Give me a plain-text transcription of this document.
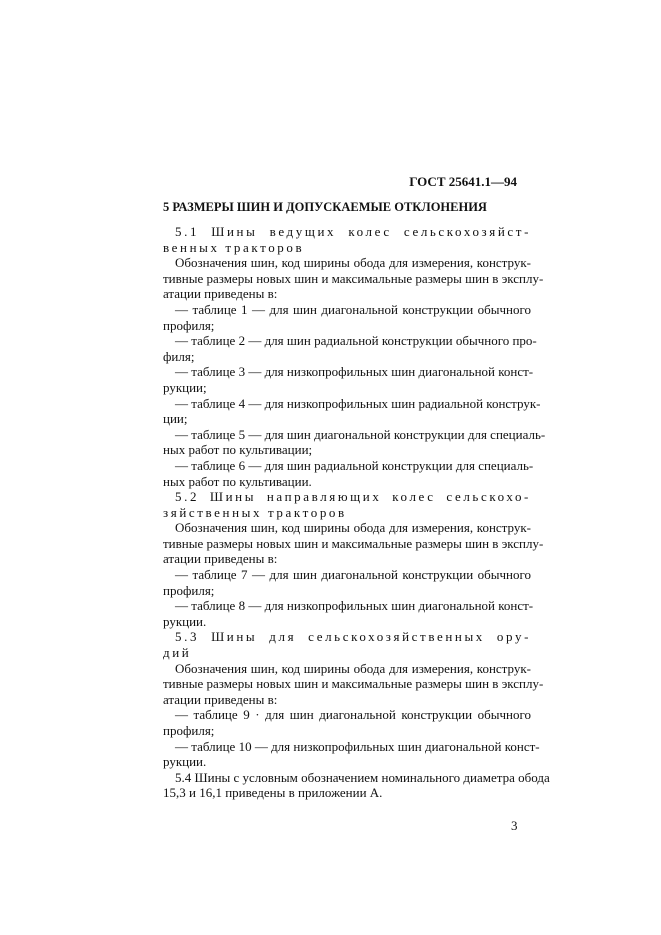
ГОСТ 25641.1—94
5 РАЗМЕРЫ ШИН И ДОПУСКАЕМЫЕ ОТКЛОНЕНИЯ
5.1 Шины ведущих колес сельскохозяйст-
венных тракторов
Обозначения шин, код ширины обода для измерения, конструк-
тивные размеры новых шин и максимальные размеры шин в эксплу-
атации приведены в:
— таблице 1 — для шин диагональной конструкции обычного
профиля;
— таблице 2 — для шин радиальной конструкции обычного про-
филя;
— таблице 3 — для низкопрофильных шин диагональной конст-
рукции;
— таблице 4 — для низкопрофильных шин радиальной конструк-
ции;
— таблице 5 — для шин диагональной конструкции для специаль-
ных работ по культивации;
— таблице 6 — для шин радиальной конструкции для специаль-
ных работ по культивации.
5.2 Шины направляющих колес сельскохо-
зяйственных тракторов
Обозначения шин, код ширины обода для измерения, конструк-
тивные размеры новых шин и максимальные размеры шин в эксплу-
атации приведены в:
— таблице 7 — для шин диагональной конструкции обычного
профиля;
— таблице 8 — для низкопрофильных шин диагональной конст-
рукции.
5.3 Шины для сельскохозяйственных ору-
дий
Обозначения шин, код ширины обода для измерения, конструк-
тивные размеры новых шин и максимальные размеры шин в эксплу-
атации приведены в:
— таблице 9 · для шин диагональной конструкции обычного
профиля;
— таблице 10 — для низкопрофильных шин диагональной конст-
рукции.
5.4 Шины с условным обозначением номинального диаметра обода
15,3 и 16,1 приведены в приложении А.
3
